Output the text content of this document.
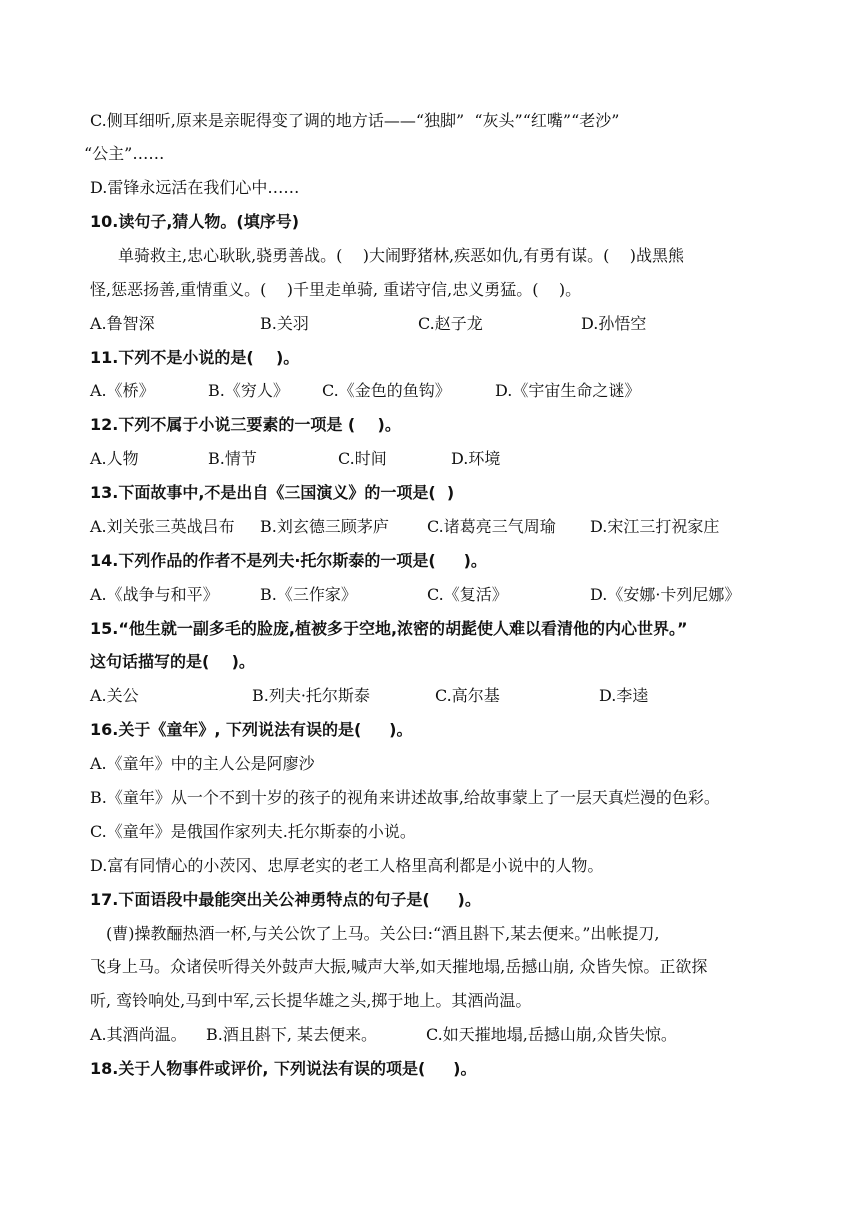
C.侧耳细听,原来是亲昵得变了调的地方话——“独脚”  “灰头”“红嘴”“老沙”
“公主”……
D.雷锋永远活在我们心中……
10.读句子,猜人物。(填序号)
单骑救主,忠心耿耿,骁勇善战。(    )大闹野猪林,疾恶如仇,有勇有谋。(    )战黑熊
怪,惩恶扬善,重情重义。(    )千里走单骑, 重诺守信,忠义勇猛。(    )。
A.鲁智深	B.关羽	C.赵子龙	D.孙悟空
11.下列不是小说的是(    )。
A.《桥》	B.《穷人》 C.《金色的鱼钩》	D.《宇宙生命之谜》
12.下列不属于小说三要素的一项是 (    )。
A.人物	B.情节	C.时间	D.环境
13.下面故事中,不是出自《三国演义》的一项是(  )
A.刘关张三英战吕布 B.刘玄德三顾茅庐 C.诸葛亮三气周瑜 D.宋江三打祝家庄
14.下列作品的作者不是列夫·托尔斯泰的一项是(     )。
A.《战争与和平》	B.《三作家》	C.《复活》	D.《安娜·卡列尼娜》
15.“他生就一副多毛的脸庞,植被多于空地,浓密的胡髭使人难以看清他的内心世界。”
这句话描写的是(    )。
A.关公	B.列夫·托尔斯泰	C.高尔基	D.李逵
16.关于《童年》, 下列说法有误的是(     )。
A.《童年》中的主人公是阿廖沙
B.《童年》从一个不到十岁的孩子的视角来讲述故事,给故事蒙上了一层天真烂漫的色彩。
C.《童年》是俄国作家列夫.托尔斯泰的小说。
D.富有同情心的小茨冈、忠厚老实的老工人格里高利都是小说中的人物。
17.下面语段中最能突出关公神勇特点的句子是(     )。
(曹)操教酾热酒一杯,与关公饮了上马。关公曰:“酒且斟下,某去便来。”出帐提刀,
飞身上马。众诸侯听得关外鼓声大振,喊声大举,如天摧地塌,岳撼山崩, 众皆失惊。正欲探
听, 鸾铃响处,马到中军,云长提华雄之头,掷于地上。其酒尚温。
A.其酒尚温。 B.酒且斟下, 某去便来。	C.如天摧地塌,岳撼山崩,众皆失惊。
18.关于人物事件或评价, 下列说法有误的项是(     )。
